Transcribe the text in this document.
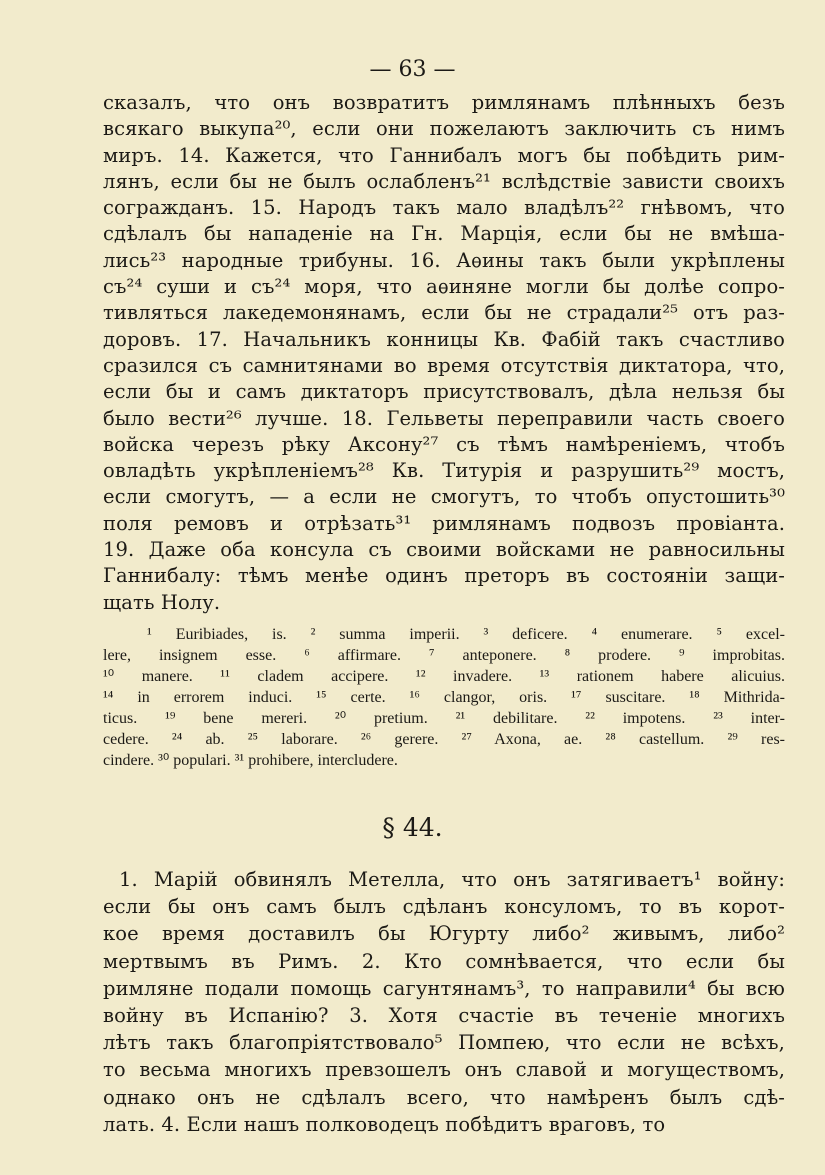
— 63 —
сказалъ, что онъ возвратитъ римлянамъ плѣнныхъ безъ
всякаго выкупа²⁰, если они пожелаютъ заключить съ нимъ
миръ. 14. Кажется, что Ганнибалъ могъ бы побѣдить рим-
лянъ, если бы не былъ ослабленъ²¹ вслѣдствіе зависти своихъ
согражданъ. 15. Народъ такъ мало владѣлъ²² гнѣвомъ, что
сдѣлалъ бы нападеніе на Гн. Марція, если бы не вмѣша-
лись²³ народные трибуны. 16. Аѳины такъ были укрѣплены
съ²⁴ суши и съ²⁴ моря, что аѳиняне могли бы долѣе сопро-
тивляться лакедемонянамъ, если бы не страдали²⁵ отъ раз-
доровъ. 17. Начальникъ конницы Кв. Фабій такъ счастливо
сразился съ самнитянами во время отсутствія диктатора, что,
если бы и самъ диктаторъ присутствовалъ, дѣла нельзя бы
было вести²⁶ лучше. 18. Гельветы переправили часть своего
войска черезъ рѣку Аксону²⁷ съ тѣмъ намѣреніемъ, чтобъ
овладѣть укрѣпленіемъ²⁸ Кв. Титурія и разрушить²⁹ мостъ,
если смогутъ, — а если не смогутъ, то чтобъ опустошить³⁰
поля ремовъ и отрѣзать³¹ римлянамъ подвозъ провіанта.
19. Даже оба консула съ своими войсками не равносильны
Ганнибалу: тѣмъ менѣе одинъ преторъ въ состояніи защи-
щать Нолу.
¹ Euribiades, is. ² summa imperii. ³ deficere. ⁴ enumerare. ⁵ excel-
lere, insignem esse. ⁶ affirmare. ⁷ anteponere. ⁸ prodere. ⁹ improbitas.
¹⁰ manere. ¹¹ cladem accipere. ¹² invadere. ¹³ rationem habere alicuius.
¹⁴ in errorem induci. ¹⁵ certe. ¹⁶ clangor, oris. ¹⁷ suscitare. ¹⁸ Mithrida-
ticus. ¹⁹ bene mereri. ²⁰ pretium. ²¹ debilitare. ²² impotens. ²³ inter-
cedere. ²⁴ ab. ²⁵ laborare. ²⁶ gerere. ²⁷ Axona, ae. ²⁸ castellum. ²⁹ res-
cindere. ³⁰ populari. ³¹ prohibere, intercludere.
§ 44.
1. Марій обвинялъ Метелла, что онъ затягиваетъ¹ войну:
если бы онъ самъ былъ сдѣланъ консуломъ, то въ корот-
кое время доставилъ бы Югурту либо² живымъ, либо²
мертвымъ въ Римъ. 2. Кто сомнѣвается, что если бы
римляне подали помощь сагунтянамъ³, то направили⁴ бы всю
войну въ Испанію? 3. Хотя счастіе въ теченіе многихъ
лѣтъ такъ благопріятствовало⁵ Помпею, что если не всѣхъ,
то весьма многихъ превзошелъ онъ славой и могуществомъ,
однако онъ не сдѣлалъ всего, что намѣренъ былъ сдѣ-
лать. 4. Если нашъ полководецъ побѣдитъ враговъ, то
